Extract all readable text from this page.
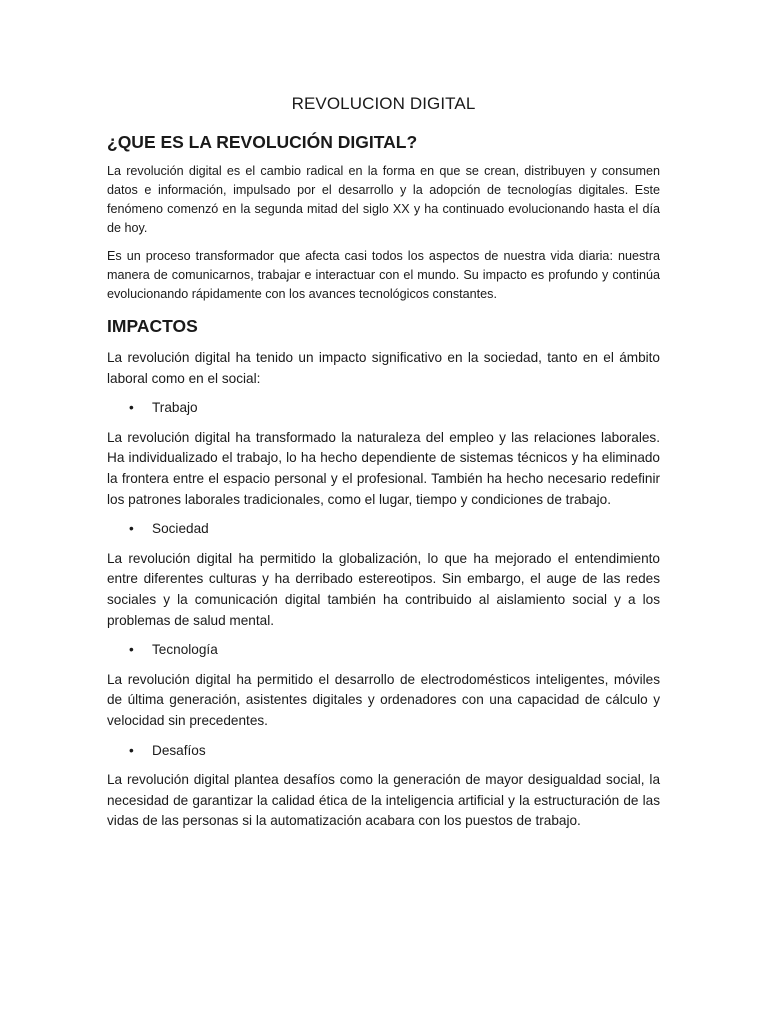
REVOLUCION DIGITAL
¿QUE ES LA REVOLUCIÓN DIGITAL?

La revolución digital es el cambio radical en la forma en que se crean, distribuyen y consumen datos e información, impulsado por el desarrollo y la adopción de tecnologías digitales. Este fenómeno comenzó en la segunda mitad del siglo XX y ha continuado evolucionando hasta el día de hoy.

Es un proceso transformador que afecta casi todos los aspectos de nuestra vida diaria: nuestra manera de comunicarnos, trabajar e interactuar con el mundo. Su impacto es profundo y continúa evolucionando rápidamente con los avances tecnológicos constantes.

IMPACTOS

La revolución digital ha tenido un impacto significativo en la sociedad, tanto en el ámbito laboral como en el social:

• Trabajo

La revolución digital ha transformado la naturaleza del empleo y las relaciones laborales. Ha individualizado el trabajo, lo ha hecho dependiente de sistemas técnicos y ha eliminado la frontera entre el espacio personal y el profesional. También ha hecho necesario redefinir los patrones laborales tradicionales, como el lugar, tiempo y condiciones de trabajo.

• Sociedad

La revolución digital ha permitido la globalización, lo que ha mejorado el entendimiento entre diferentes culturas y ha derribado estereotipos. Sin embargo, el auge de las redes sociales y la comunicación digital también ha contribuido al aislamiento social y a los problemas de salud mental.

• Tecnología

La revolución digital ha permitido el desarrollo de electrodomésticos inteligentes, móviles de última generación, asistentes digitales y ordenadores con una capacidad de cálculo y velocidad sin precedentes.

• Desafíos

La revolución digital plantea desafíos como la generación de mayor desigualdad social, la necesidad de garantizar la calidad ética de la inteligencia artificial y la estructuración de las vidas de las personas si la automatización acabara con los puestos de trabajo.
